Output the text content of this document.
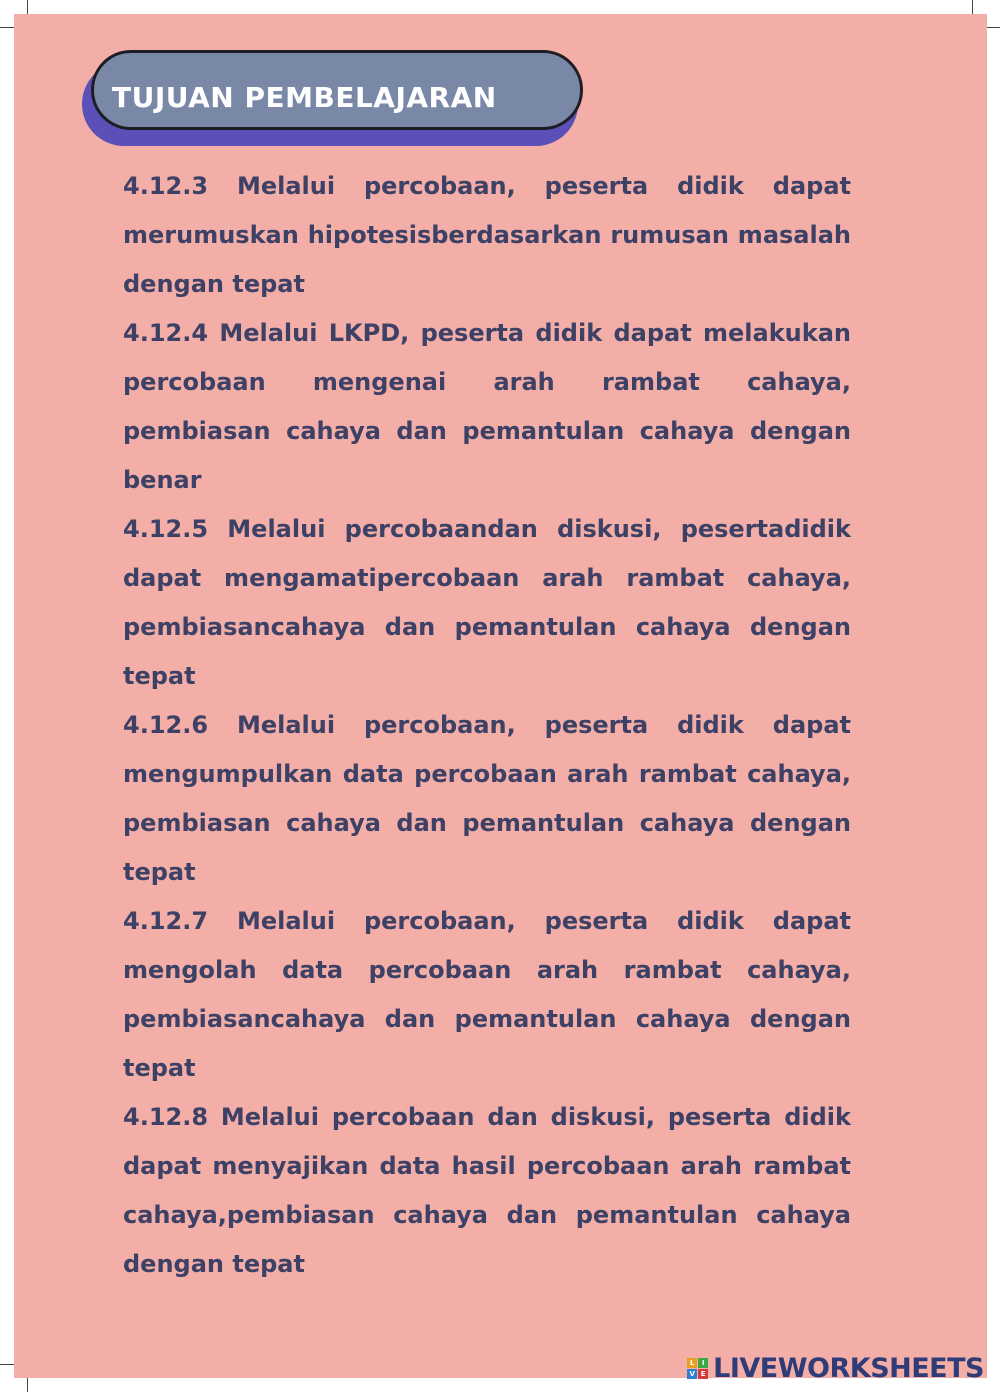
TUJUAN PEMBELAJARAN

4.12.3 Melalui percobaan, peserta didik dapat merumuskan hipotesisberdasarkan rumusan masalah dengan tepat

4.12.4 Melalui LKPD, peserta didik dapat melakukan percobaan mengenai arah rambat cahaya, pembiasan cahaya dan pemantulan cahaya dengan benar

4.12.5 Melalui percobaandan diskusi, pesertadidik dapat mengamatipercobaan arah rambat cahaya, pembiasancahaya dan pemantulan cahaya dengan tepat

4.12.6 Melalui percobaan, peserta didik dapat mengumpulkan data percobaan arah rambat cahaya, pembiasan cahaya dan pemantulan cahaya dengan tepat

4.12.7 Melalui percobaan, peserta didik dapat mengolah data percobaan arah rambat cahaya, pembiasancahaya dan pemantulan cahaya dengan tepat

4.12.8 Melalui percobaan dan diskusi, peserta didik dapat menyajikan data hasil percobaan arah rambat cahaya,pembiasan cahaya dan pemantulan cahaya dengan tepat

L	I
V E LIVEWORKSHEETS
